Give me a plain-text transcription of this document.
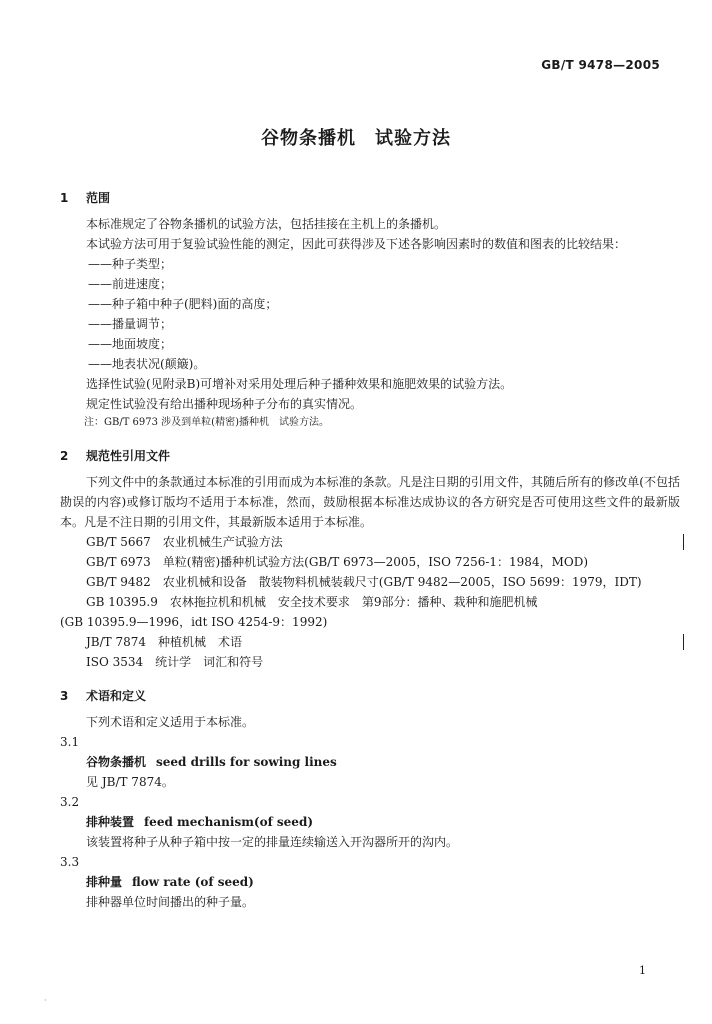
GB/T 9478—2005
谷物条播机　试验方法
1 范围

本标准规定了谷物条播机的试验方法，包括挂接在主机上的条播机。

本试验方法可用于复验试验性能的测定，因此可获得涉及下述各影响因素时的数值和图表的比较结果：

——种子类型；

——前进速度；

——种子箱中种子(肥料)面的高度；

——播量调节；

——地面坡度；

——地表状况(颠簸)。

选择性试验(见附录B)可增补对采用处理后种子播种效果和施肥效果的试验方法。

规定性试验没有给出播种现场种子分布的真实情况。

注：GB/T 6973 涉及到单粒(精密)播种机　试验方法。

2 规范性引用文件

下列文件中的条款通过本标准的引用而成为本标准的条款。凡是注日期的引用文件，其随后所有的修改单(不包括勘误的内容)或修订版均不适用于本标准，然而，鼓励根据本标准达成协议的各方研究是否可使用这些文件的最新版本。凡是不注日期的引用文件，其最新版本适用于本标准。

GB/T 5667　农业机械生产试验方法

GB/T 6973　单粒(精密)播种机试验方法(GB/T 6973—2005，ISO 7256-1：1984，MOD)

GB/T 9482　农业机械和设备　散装物料机械装载尺寸(GB/T 9482—2005，ISO 5699：1979，IDT)

GB 10395.9　农林拖拉机和机械　安全技术要求　第9部分：播种、栽种和施肥机械

(GB 10395.9—1996，idt ISO 4254-9：1992)

JB/T 7874　种植机械　术语

ISO 3534　统计学　词汇和符号

3 术语和定义

下列术语和定义适用于本标准。

3.1

谷物条播机 seed drills for sowing lines

见 JB/T 7874。

3.2

排种装置 feed mechanism(of seed)

该装置将种子从种子箱中按一定的排量连续输送入开沟器所开的沟内。

3.3

排种量 flow rate (of seed)

排种器单位时间播出的种子量。

1
·
